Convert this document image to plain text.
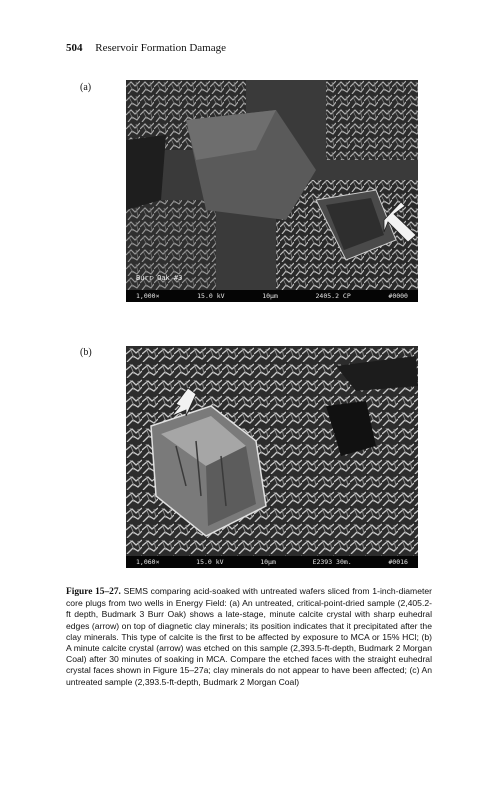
504 Reservoir Formation Damage
(a)
Burr Oak #3
1,000×	15.0 kV	10µm	2405.2 CP	#0000
(b)
1,060×	15.0 kV	10µm	E2393 30m.	#0016
Figure 15–27. SEMS comparing acid-soaked with untreated wafers sliced from 1-inch-diameter core plugs from two wells in Energy Field: (a) An untreated, critical-point-dried sample (2,405.2-ft depth, Budmark 3 Burr Oak) shows a late-stage, minute calcite crystal with sharp euhedral edges (arrow) on top of diagnetic clay minerals; its position indicates that it precipitated after the clay minerals. This type of calcite is the first to be affected by exposure to MCA or 15% HCl; (b) A minute calcite crystal (arrow) was etched on this sample (2,393.5-ft-depth, Budmark 2 Morgan Coal) after 30 minutes of soaking in MCA. Compare the etched faces with the straight euhedral crystal faces shown in Figure 15–27a; clay minerals do not appear to have been affected; (c) An untreated sample (2,393.5-ft-depth, Budmark 2 Morgan Coal)
